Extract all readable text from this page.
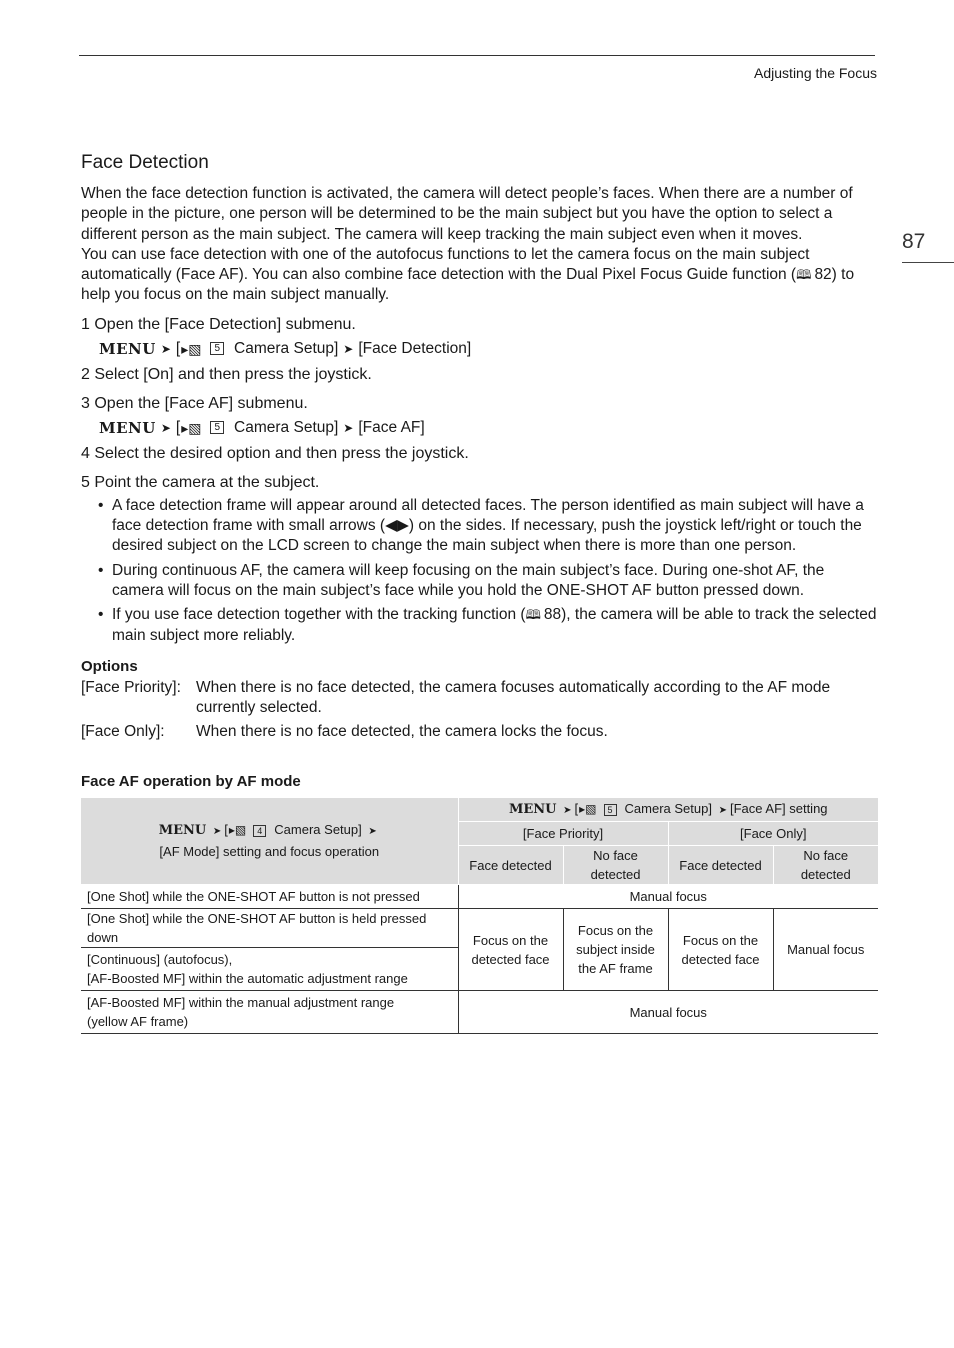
Adjusting the Focus
87
Face Detection

When the face detection function is activated, the camera will detect people’s faces. When there are a number of people in the picture, one person will be determined to be the main subject but you have the option to select a different person as the main subject. The camera will keep tracking the main subject even when it moves.

You can use face detection with one of the autofocus functions to let the camera focus on the main subject automatically (Face AF). You can also combine face detection with the Dual Pixel Focus Guide function (🕮 82) to help you focus on the main subject manually.

1 Open the [Face Detection] submenu.

MENU ➤ [ ▸▧	5 Camera Setup] ➤ [Face Detection]

2 Select [On] and then press the joystick.

3 Open the [Face AF] submenu.

MENU ➤ [ ▸▧	5 Camera Setup] ➤ [Face AF]

4 Select the desired option and then press the joystick.

5 Point the camera at the subject.

• A face detection frame will appear around all detected faces. The person identified as main subject will have a face detection frame with small arrows (◀▶) on the sides. If necessary, push the joystick left/right or touch the desired subject on the LCD screen to change the main subject when there is more than one person.
• During continuous AF, the camera will keep focusing on the main subject’s face. During one-shot AF, the camera will focus on the main subject’s face while you hold the ONE-SHOT AF button pressed down.
• If you use face detection together with the tracking function (🕮 88), the camera will be able to track the selected main subject more reliably.
Options
[Face Priority]: When there is no face detected, the camera focuses automatically according to the AF mode currently selected.
[Face Only]:	When there is no face detected, the camera locks the focus.
Face AF operation by AF mode
MENU ➤ [▸▧ 4 Camera Setup] ➤
[AF Mode] setting and focus operation	MENU ➤ [▸▧ 5 Camera Setup] ➤ [Face AF] setting			
	[Face Priority]		[Face Only]	
	Face detected	No face detected	Face detected	No face detected
[One Shot] while the ONE-SHOT AF button is not pressed	Manual focus			
[One Shot] while the ONE-SHOT AF button is held pressed down	Focus on the detected face	Focus on the subject inside the AF frame	Focus on the detected face	Manual focus
[Continuous] (autofocus),
[AF-Boosted MF] within the automatic adjustment range				
[AF-Boosted MF] within the manual adjustment range
(yellow AF frame)	Manual focus			
